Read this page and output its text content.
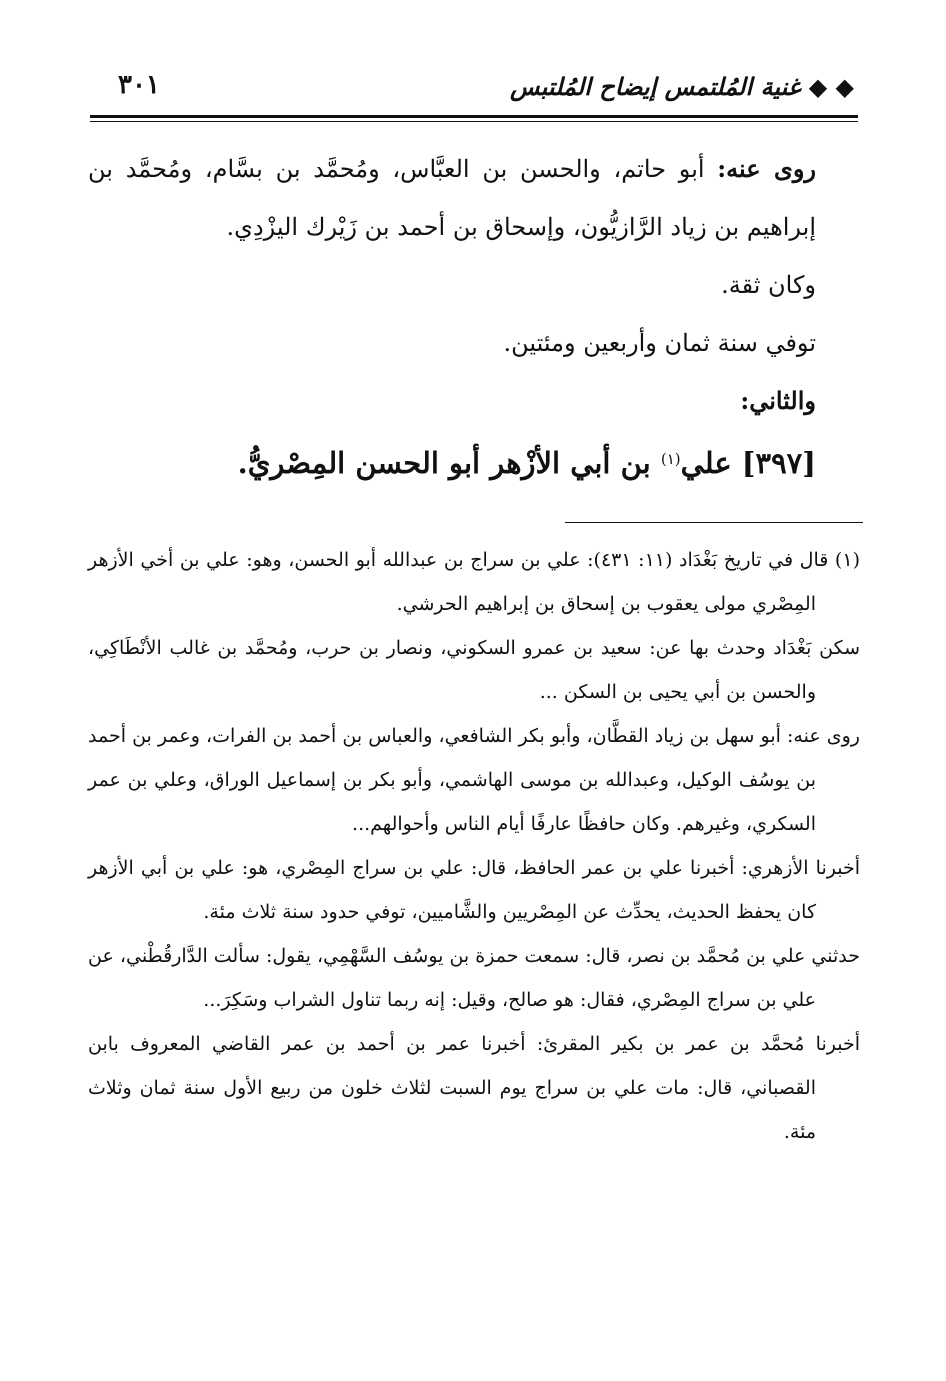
◆ ◆ غنية المُلتمس إيضاح المُلتبس
٣٠١

روى عنه: أبو حاتم، والحسن بن العبَّاس، ومُحمَّد بن بسَّام، ومُحمَّد بن إبراهيم بن زياد الرَّازيُّون، وإسحاق بن أحمد بن زَيْرك اليزْدِي.

وكان ثقة.

توفي سنة ثمان وأربعين ومئتين.

والثاني:

[٣٩٧] علي$^{(١)}$ بن أبي الأزْهر أبو الحسن المِصْريُّ.

(١) قال في تاريخ بَغْدَاد (١١: ٤٣١): علي بن سراج بن عبدالله أبو الحسن، وهو: علي بن أخي الأزهر المِصْري مولى يعقوب بن إسحاق بن إبراهيم الحرشي.

سكن بَغْدَاد وحدث بها عن: سعيد بن عمرو السكوني، ونصار بن حرب، ومُحمَّد بن غالب الأنْطَاكِي، والحسن بن أبي يحيى بن السكن ...

روى عنه: أبو سهل بن زياد القطَّان، وأبو بكر الشافعي، والعباس بن أحمد بن الفرات، وعمر بن أحمد بن يوسُف الوكيل، وعبدالله بن موسى الهاشمي، وأبو بكر بن إسماعيل الوراق، وعلي بن عمر السكري، وغيرهم. وكان حافظًا عارفًا أيام الناس وأحوالهم...

أخبرنا الأزهري: أخبرنا علي بن عمر الحافظ، قال: علي بن سراج المِصْري، هو: علي بن أبي الأزهر كان يحفظ الحديث، يحدِّث عن المِصْريين والشَّاميين، توفي حدود سنة ثلاث مئة.

حدثني علي بن مُحمَّد بن نصر، قال: سمعت حمزة بن يوسُف السَّهْمِي، يقول: سألت الدَّارقُطْني، عن علي بن سراج المِصْري، فقال: هو صالح، وقيل: إنه ربما تناول الشراب وسَكِرَ...

أخبرنا مُحمَّد بن عمر بن بكير المقرئ: أخبرنا عمر بن أحمد بن عمر القاضي المعروف بابن القصباني، قال: مات علي بن سراج يوم السبت لثلاث خلون من ربيع الأول سنة ثمان وثلاث مئة.
